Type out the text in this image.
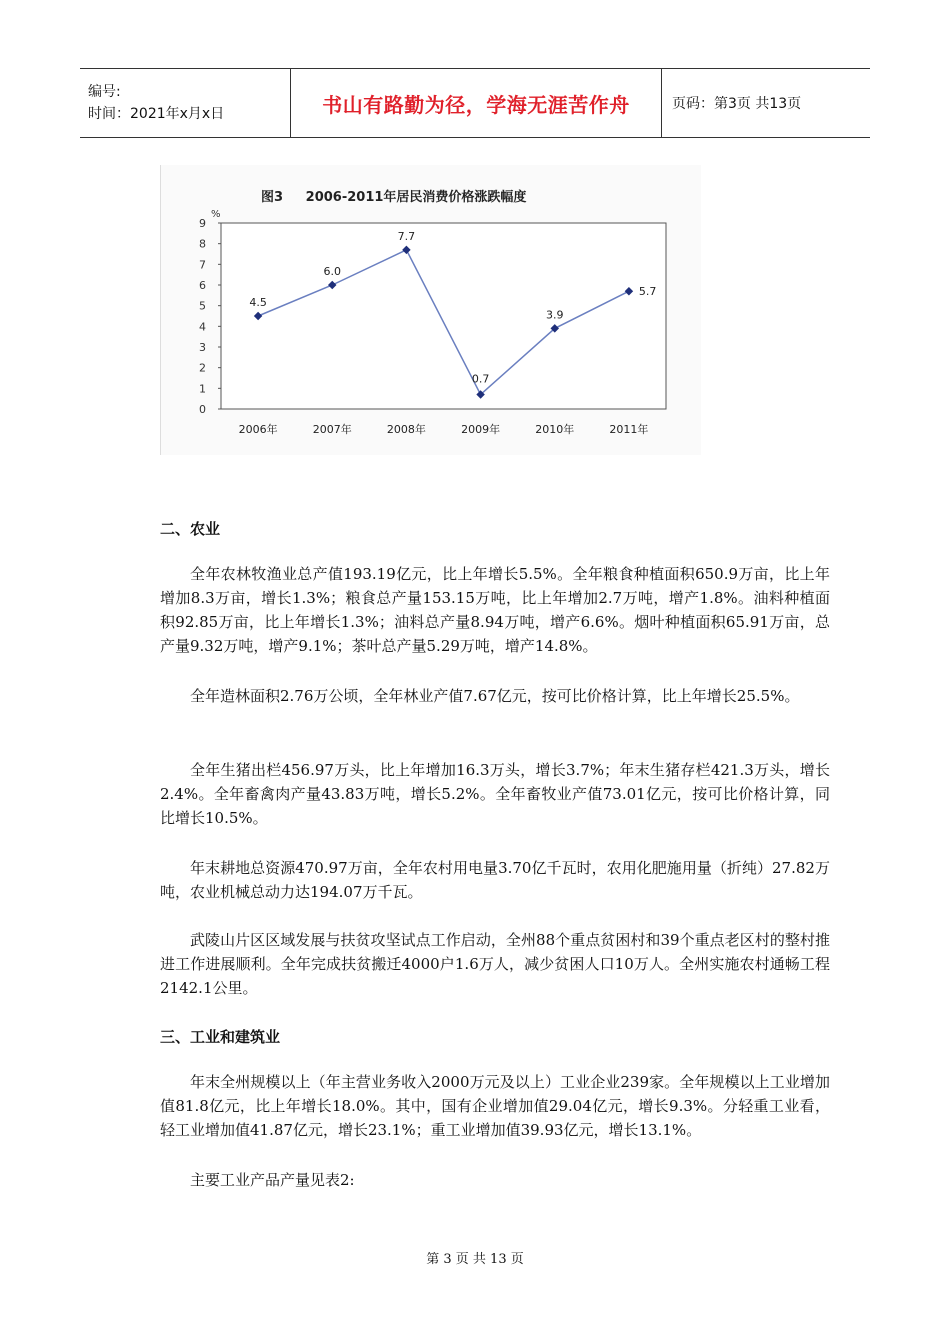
编号:
时间：2021年x月x日	书山有路勤为径，学海无涯苦作舟	页码：第3页 共13页
图3     2006-2011年居民消费价格涨跌幅度
%
0
1
2
3
4
5
6
7
8
9
2006年	2007年	2008年	2009年	2010年	2011年
4.5
6.0
7.7
0.7
3.9
5.7
二、农业

全年农林牧渔业总产值193.19亿元，比上年增长5.5%。全年粮食种植面积650.9万亩，比上年增加8.3万亩，增长1.3%；粮食总产量153.15万吨，比上年增加2.7万吨，增产1.8%。油料种植面积92.85万亩，比上年增长1.3%；油料总产量8.94万吨，增产6.6%。烟叶种植面积65.91万亩，总产量9.32万吨，增产9.1%；茶叶总产量5.29万吨，增产14.8%。

全年造林面积2.76万公顷，全年林业产值7.67亿元，按可比价格计算，比上年增长25.5%。

全年生猪出栏456.97万头，比上年增加16.3万头，增长3.7%；年末生猪存栏421.3万头，增长2.4%。全年畜禽肉产量43.83万吨，增长5.2%。全年畜牧业产值73.01亿元，按可比价格计算，同比增长10.5%。

年末耕地总资源470.97万亩，全年农村用电量3.70亿千瓦时，农用化肥施用量（折纯）27.82万吨，农业机械总动力达194.07万千瓦。

武陵山片区区域发展与扶贫攻坚试点工作启动，全州88个重点贫困村和39个重点老区村的整村推进工作进展顺利。全年完成扶贫搬迁4000户1.6万人，减少贫困人口10万人。全州实施农村通畅工程2142.1公里。

三、工业和建筑业

年末全州规模以上（年主营业务收入2000万元及以上）工业企业239家。全年规模以上工业增加值81.8亿元，比上年增长18.0%。其中，国有企业增加值29.04亿元，增长9.3%。分轻重工业看，轻工业增加值41.87亿元，增长23.1%；重工业增加值39.93亿元，增长13.1%。

主要工业产品产量见表2:

第 3 页 共 13 页
